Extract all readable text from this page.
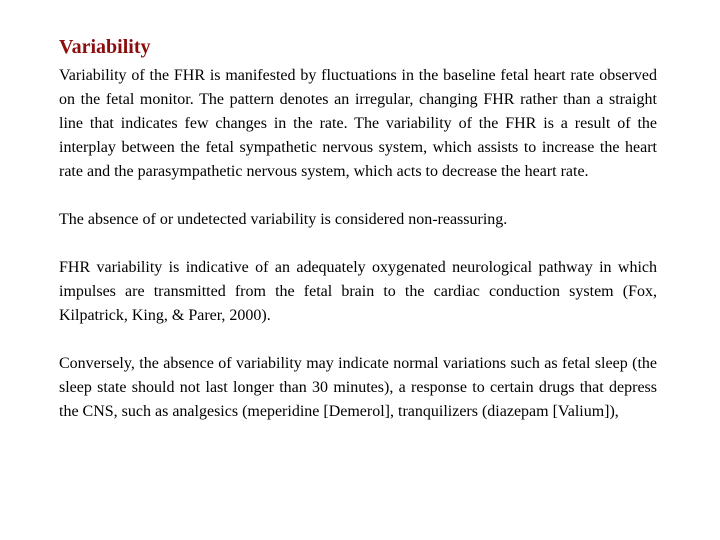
Variability

Variability of the FHR is manifested by fluctuations in the baseline fetal heart rate observed on the fetal monitor. The pattern denotes an irregular, changing FHR rather than a straight line that indicates few changes in the rate. The variability of the FHR is a result of the interplay between the fetal sympathetic nervous system, which assists to increase the heart rate and the parasympathetic nervous system, which acts to decrease the heart rate.

The absence of or undetected variability is considered non-reassuring.

FHR variability is indicative of an adequately oxygenated neurological pathway in which impulses are transmitted from the fetal brain to the cardiac conduction system (Fox, Kilpatrick, King, & Parer, 2000).

Conversely, the absence of variability may indicate normal variations such as fetal sleep (the sleep state should not last longer than 30 minutes), a response to certain drugs that depress the CNS, such as analgesics (meperidine [Demerol], tranquilizers (diazepam [Valium]),
